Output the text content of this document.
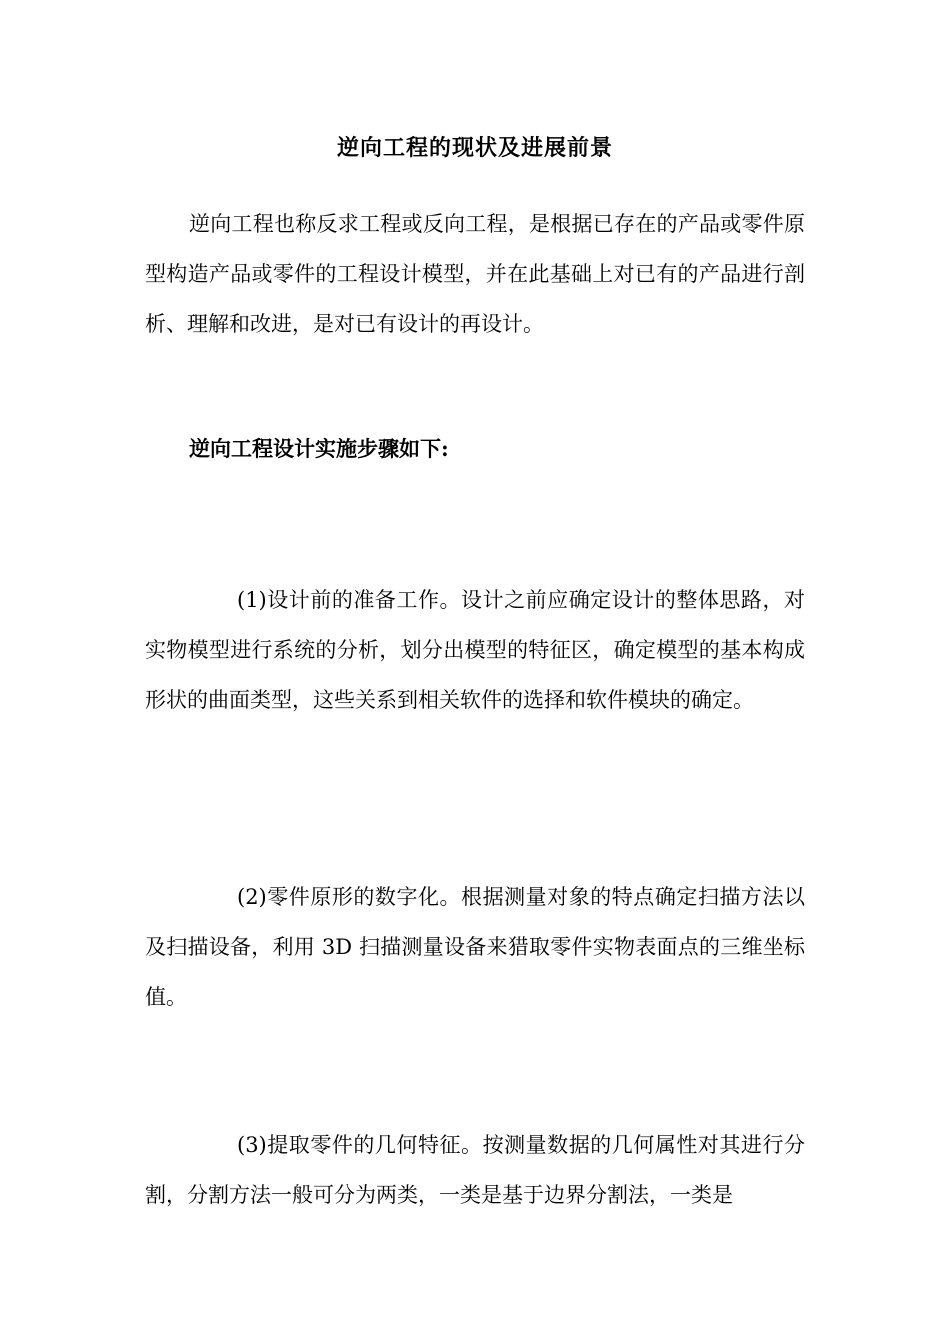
逆向工程的现状及进展前景

逆向工程也称反求工程或反向工程，是根据已存在的产品或零件原型构造产品或零件的工程设计模型，并在此基础上对已有的产品进行剖析、理解和改进，是对已有设计的再设计。

逆向工程设计实施步骤如下:

(1)设计前的准备工作。设计之前应确定设计的整体思路，对实物模型进行系统的分析，划分出模型的特征区，确定模型的基本构成形状的曲面类型，这些关系到相关软件的选择和软件模块的确定。

(2)零件原形的数字化。根据测量对象的特点确定扫描方法以及扫描设备，利用 3D 扫描测量设备来猎取零件实物表面点的三维坐标值。

(3)提取零件的几何特征。按测量数据的几何属性对其进行分割，分割方法一般可分为两类，一类是基于边界分割法，一类是
